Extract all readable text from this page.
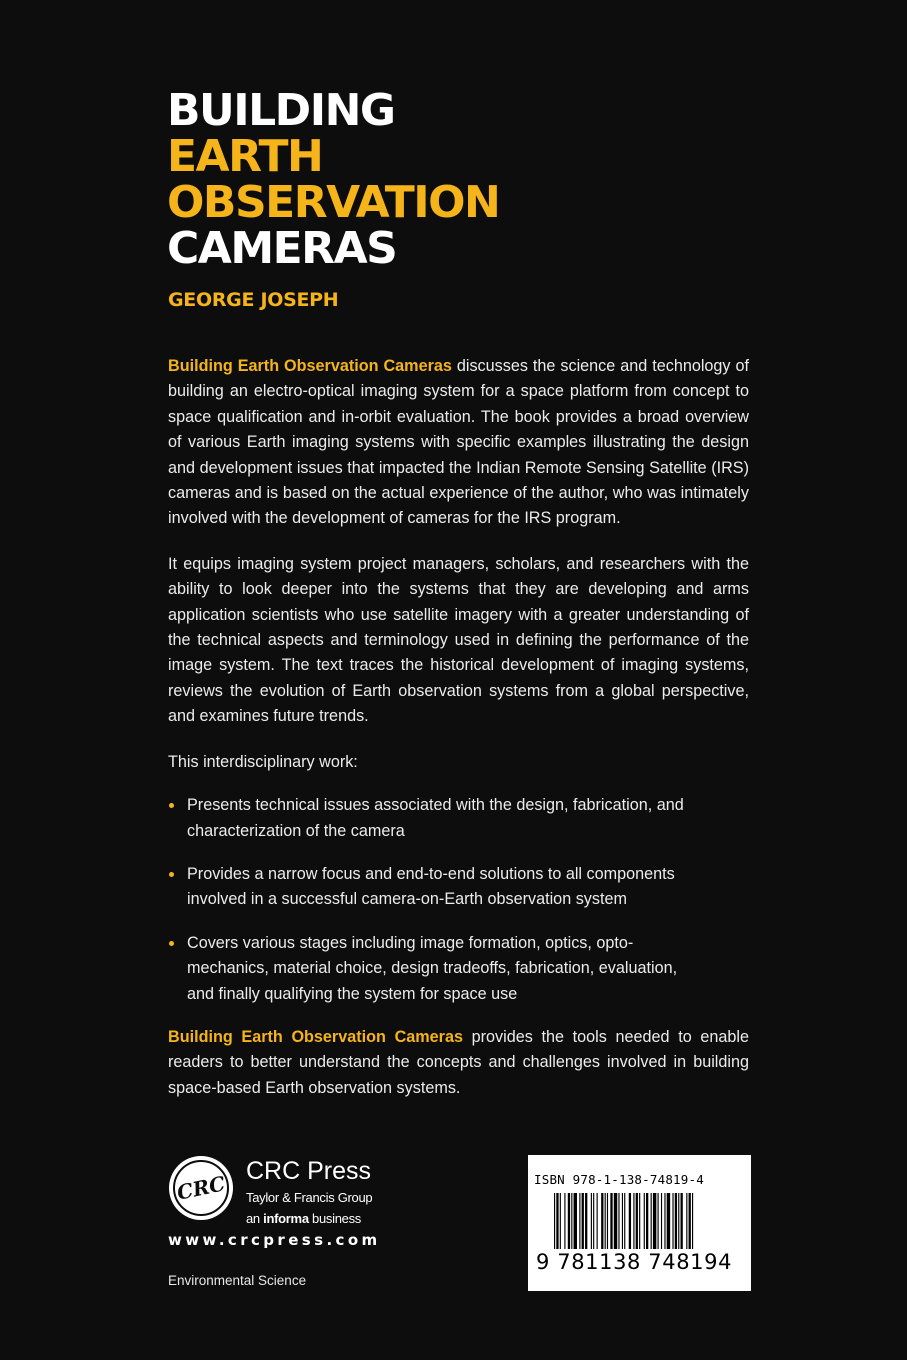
BUILDING
EARTH
OBSERVATION
CAMERAS
GEORGE JOSEPH

Building Earth Observation Cameras discusses the science and technology of building an electro-optical imaging system for a space platform from concept to space qualification and in-orbit evaluation. The book provides a broad overview of various Earth imaging systems with specific examples illustrating the design and development issues that impacted the Indian Remote Sensing Satellite (IRS) cameras and is based on the actual experience of the author, who was intimately involved with the development of cameras for the IRS program.

It equips imaging system project managers, scholars, and researchers with the ability to look deeper into the systems that they are developing and arms application scientists who use satellite imagery with a greater understanding of the technical aspects and terminology used in defining the performance of the image system. The text traces the historical development of imaging systems, reviews the evolution of Earth observation systems from a global perspective, and examines future trends.

This interdisciplinary work:

Presents technical issues associated with the design, fabrication, and characterization of the camera
Provides a narrow focus and end-to-end solutions to all components involved in a successful camera-on-Earth observation system
Covers various stages including image formation, optics, opto-mechanics, material choice, design tradeoffs, fabrication, evaluation, and finally qualifying the system for space use

Building Earth Observation Cameras provides the tools needed to enable readers to better understand the concepts and challenges involved in building space-based Earth observation systems.

CRC
CRC Press
Taylor & Francis Group
an informa business
www.crcpress.com
Environmental Science
ISBN 978-1-138-74819-4
9 781138 748194
